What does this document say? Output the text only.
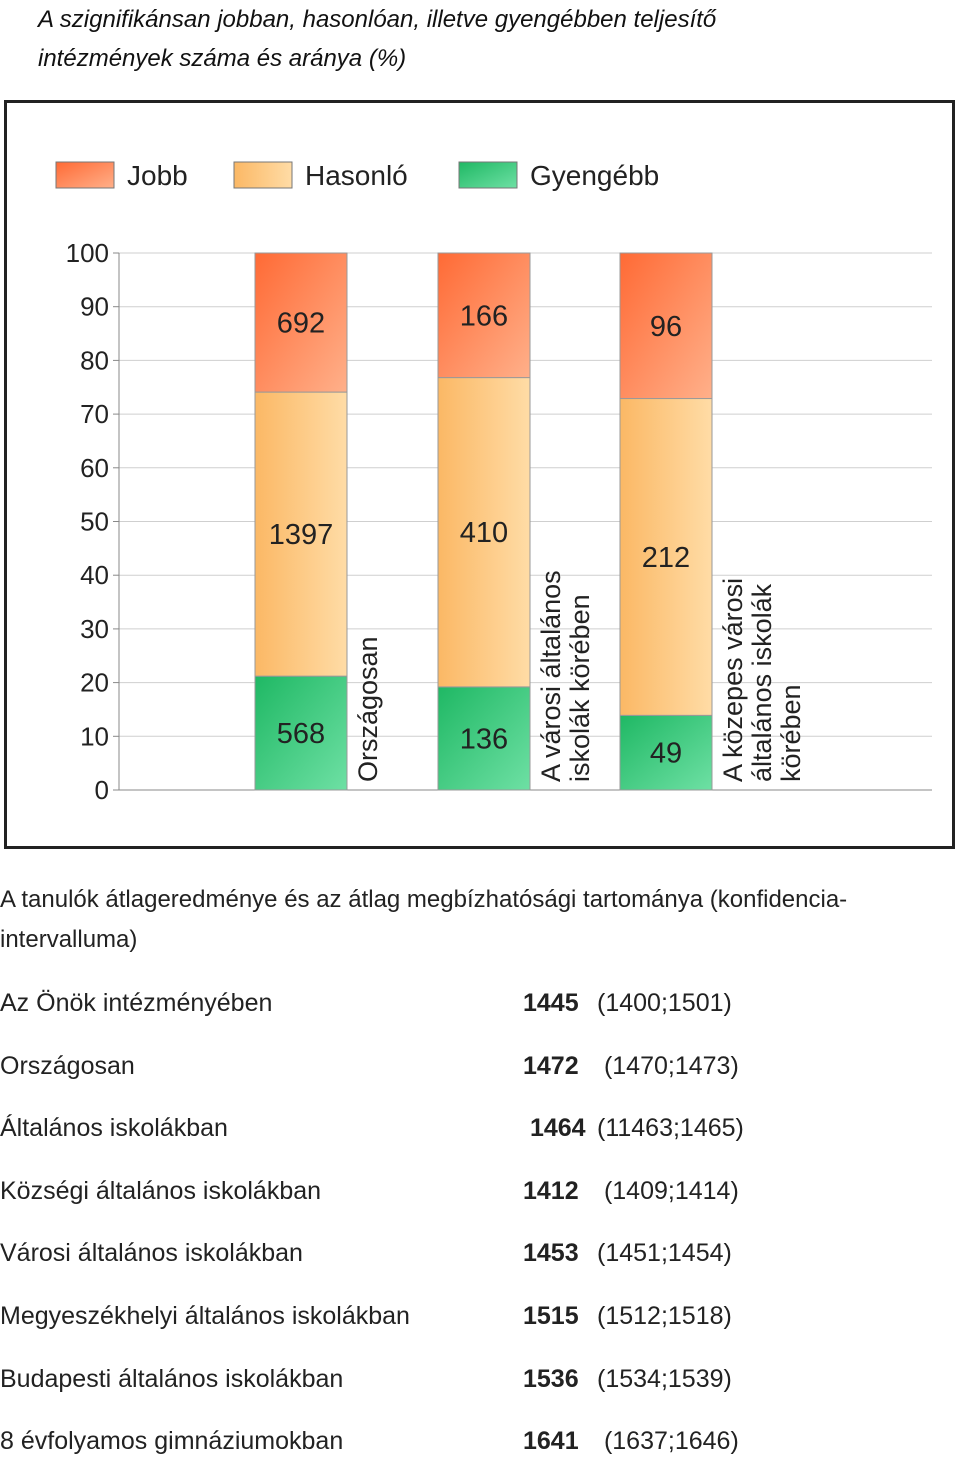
A szignifikánsan jobban, hasonlóan, illetve gyengébben teljesítő
intézmények száma és aránya (%)
0
10
20
30
40
50
60
70
80
90
100
568
1397
692
136
410
166
49
212
96
Országosan	A városi általános iskolák körében	A közepes városi általános iskolák körében
Jobb	Hasonló	Gyengébb
A tanulók átlageredménye és az átlag megbízhatósági tartománya (konfidencia-intervalluma)
Az Önök intézményében	1445 (1400;1501)
Országosan	1472 (1470;1473)
Általános iskolákban	1464 (11463;1465)
Községi általános iskolákban	1412 (1409;1414)
Városi általános iskolákban	1453 (1451;1454)
Megyeszékhelyi általános iskolákban	1515 (1512;1518)
Budapesti általános iskolákban	1536 (1534;1539)
8 évfolyamos gimnáziumokban	1641 (1637;1646)
